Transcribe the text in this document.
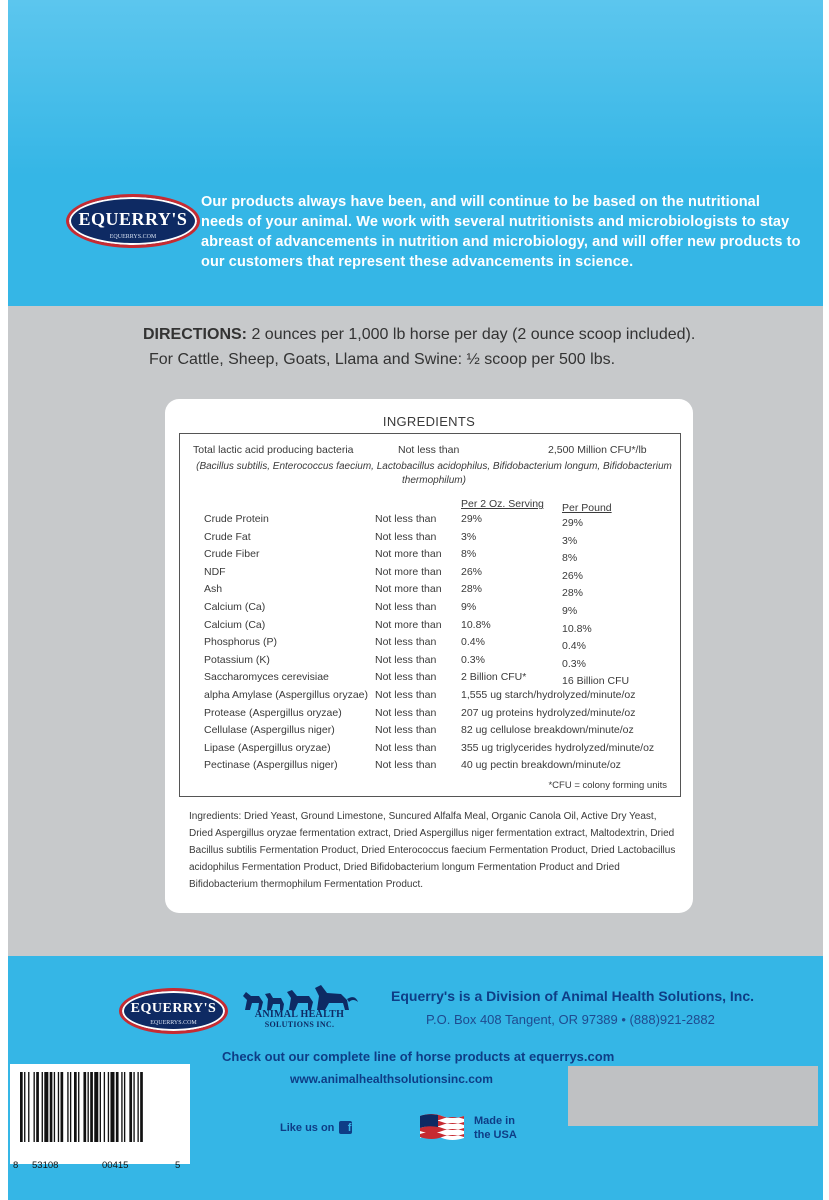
EQUERRY'S
EQUERRYS.COM
Our products always have been, and will continue to be based on the nutritional needs of your animal. We work with several nutritionists and microbiologists to stay abreast of advancements in nutrition and microbiology, and will offer new products to our customers that represent these advancements in science.
DIRECTIONS: 2 ounces per 1,000 lb horse per day (2 ounce scoop included).
For Cattle, Sheep, Goats, Llama and Swine: ½ scoop per 500 lbs.
INGREDIENTS
Total lactic acid producing bacteria	Not less than	2,500 Million CFU*/lb
(Bacillus subtilis, Enterococcus faecium, Lactobacillus acidophilus, Bifidobacterium longum, Bifidobacterium thermophilum)
Per 2 Oz. Serving Per Pound
Crude Protein	Not less than 29%	29%
Crude Fat	Not less than 3%	3%
Crude Fiber	Not more than 8%	8%
NDF	Not more than 26%	26%
Ash	Not more than 28%	28%
Calcium (Ca)	Not less than 9%	9%
Calcium (Ca)	Not more than 10.8%	10.8%
Phosphorus (P)	Not less than 0.4%	0.4%
Potassium (K)	Not less than 0.3%	0.3%
Saccharomyces cerevisiae	Not less than 2 Billion CFU*	16 Billion CFU
alpha Amylase (Aspergillus oryzae) Not less than 1,555 ug starch/hydrolyzed/minute/oz
Protease (Aspergillus oryzae)	Not less than 207 ug proteins hydrolyzed/minute/oz
Cellulase (Aspergillus niger)	Not less than 82 ug cellulose breakdown/minute/oz
Lipase (Aspergillus oryzae)	Not less than 355 ug triglycerides hydrolyzed/minute/oz
Pectinase (Aspergillus niger)	Not less than 40 ug pectin breakdown/minute/oz
*CFU = colony forming units
Ingredients: Dried Yeast, Ground Limestone, Suncured Alfalfa Meal, Organic Canola Oil, Active Dry Yeast, Dried Aspergillus oryzae fermentation extract, Dried Aspergillus niger fermentation extract, Maltodextrin, Dried Bacillus subtilis Fermentation Product, Dried Enterococcus faecium Fermentation Product, Dried Lactobacillus acidophilus Fermentation Product, Dried Bifidobacterium longum Fermentation Product and Dried Bifidobacterium thermophilum Fermentation Product.
EQUERRY'S
EQUERRYS.COM
ANIMAL HEALTH
SOLUTIONS INC.
Equerry's is a Division of Animal Health Solutions, Inc.
P.O. Box 408 Tangent, OR 97389 • (888)921-2882
Check out our complete line of horse products at equerrys.com
www.animalhealthsolutionsinc.com
8 53108	00415	5
Like us on	f
Made in
the USA
